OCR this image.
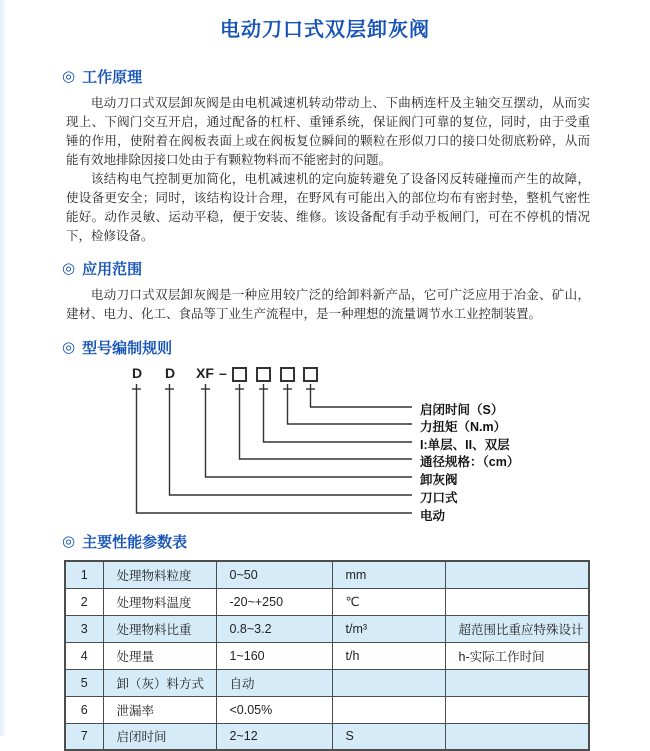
电动刀口式双层卸灰阀
◎ 工作原理

电动刀口式双层卸灰阀是由电机减速机转动带动上、下曲柄连杆及主轴交互摆动，从而实现上、下阀门交互开启，通过配备的杠杆、重锤系统，保证阀门可靠的复位，同时，由于受重锤的作用，使附着在阀板表面上或在阀板复位瞬间的颗粒在形似刀口的接口处彻底粉碎，从而能有效地排除因接口处由于有颗粒物料而不能密封的问题。

该结构电气控制更加简化，电机减速机的定向旋转避免了设备冈反转碰撞而产生的故障，使设备更安全；同时，该结构设计合理，在野风有可能出入的部位均布有密封垫，整机气密性能好。动作灵敏、运动平稳，便于安装、维修。该设备配有手动乎板闸门，可在不停机的情况下，检修设备。

◎ 应用范围

电动刀口式双层卸灰阀是一种应用较广泛的给卸料新产品，它可广泛应用于冶金、矿山，建材、电力、化工、食品等丁业生产流程中，是一种理想的流量调节水工业控制装置。

◎ 型号编制规则
D D XF –
启闭时间（S）
力扭矩（N.m）
I:单层、II、双层
通径规格：（cm）
卸灰阀
刀口式
电动
◎ 主要性能参数表
1	处理物料粒度	0~50	mm	
2	处理物料温度	-20~+250	℃	
3	处理物料比重	0.8~3.2	t/m³	超范围比重应特殊设计
4	处理量	1~160	t/h	h-实际工作时间
5	卸（灰）料方式	自动		
6	泄漏率	<0.05%		
7	启闭时间	2~12	S	
